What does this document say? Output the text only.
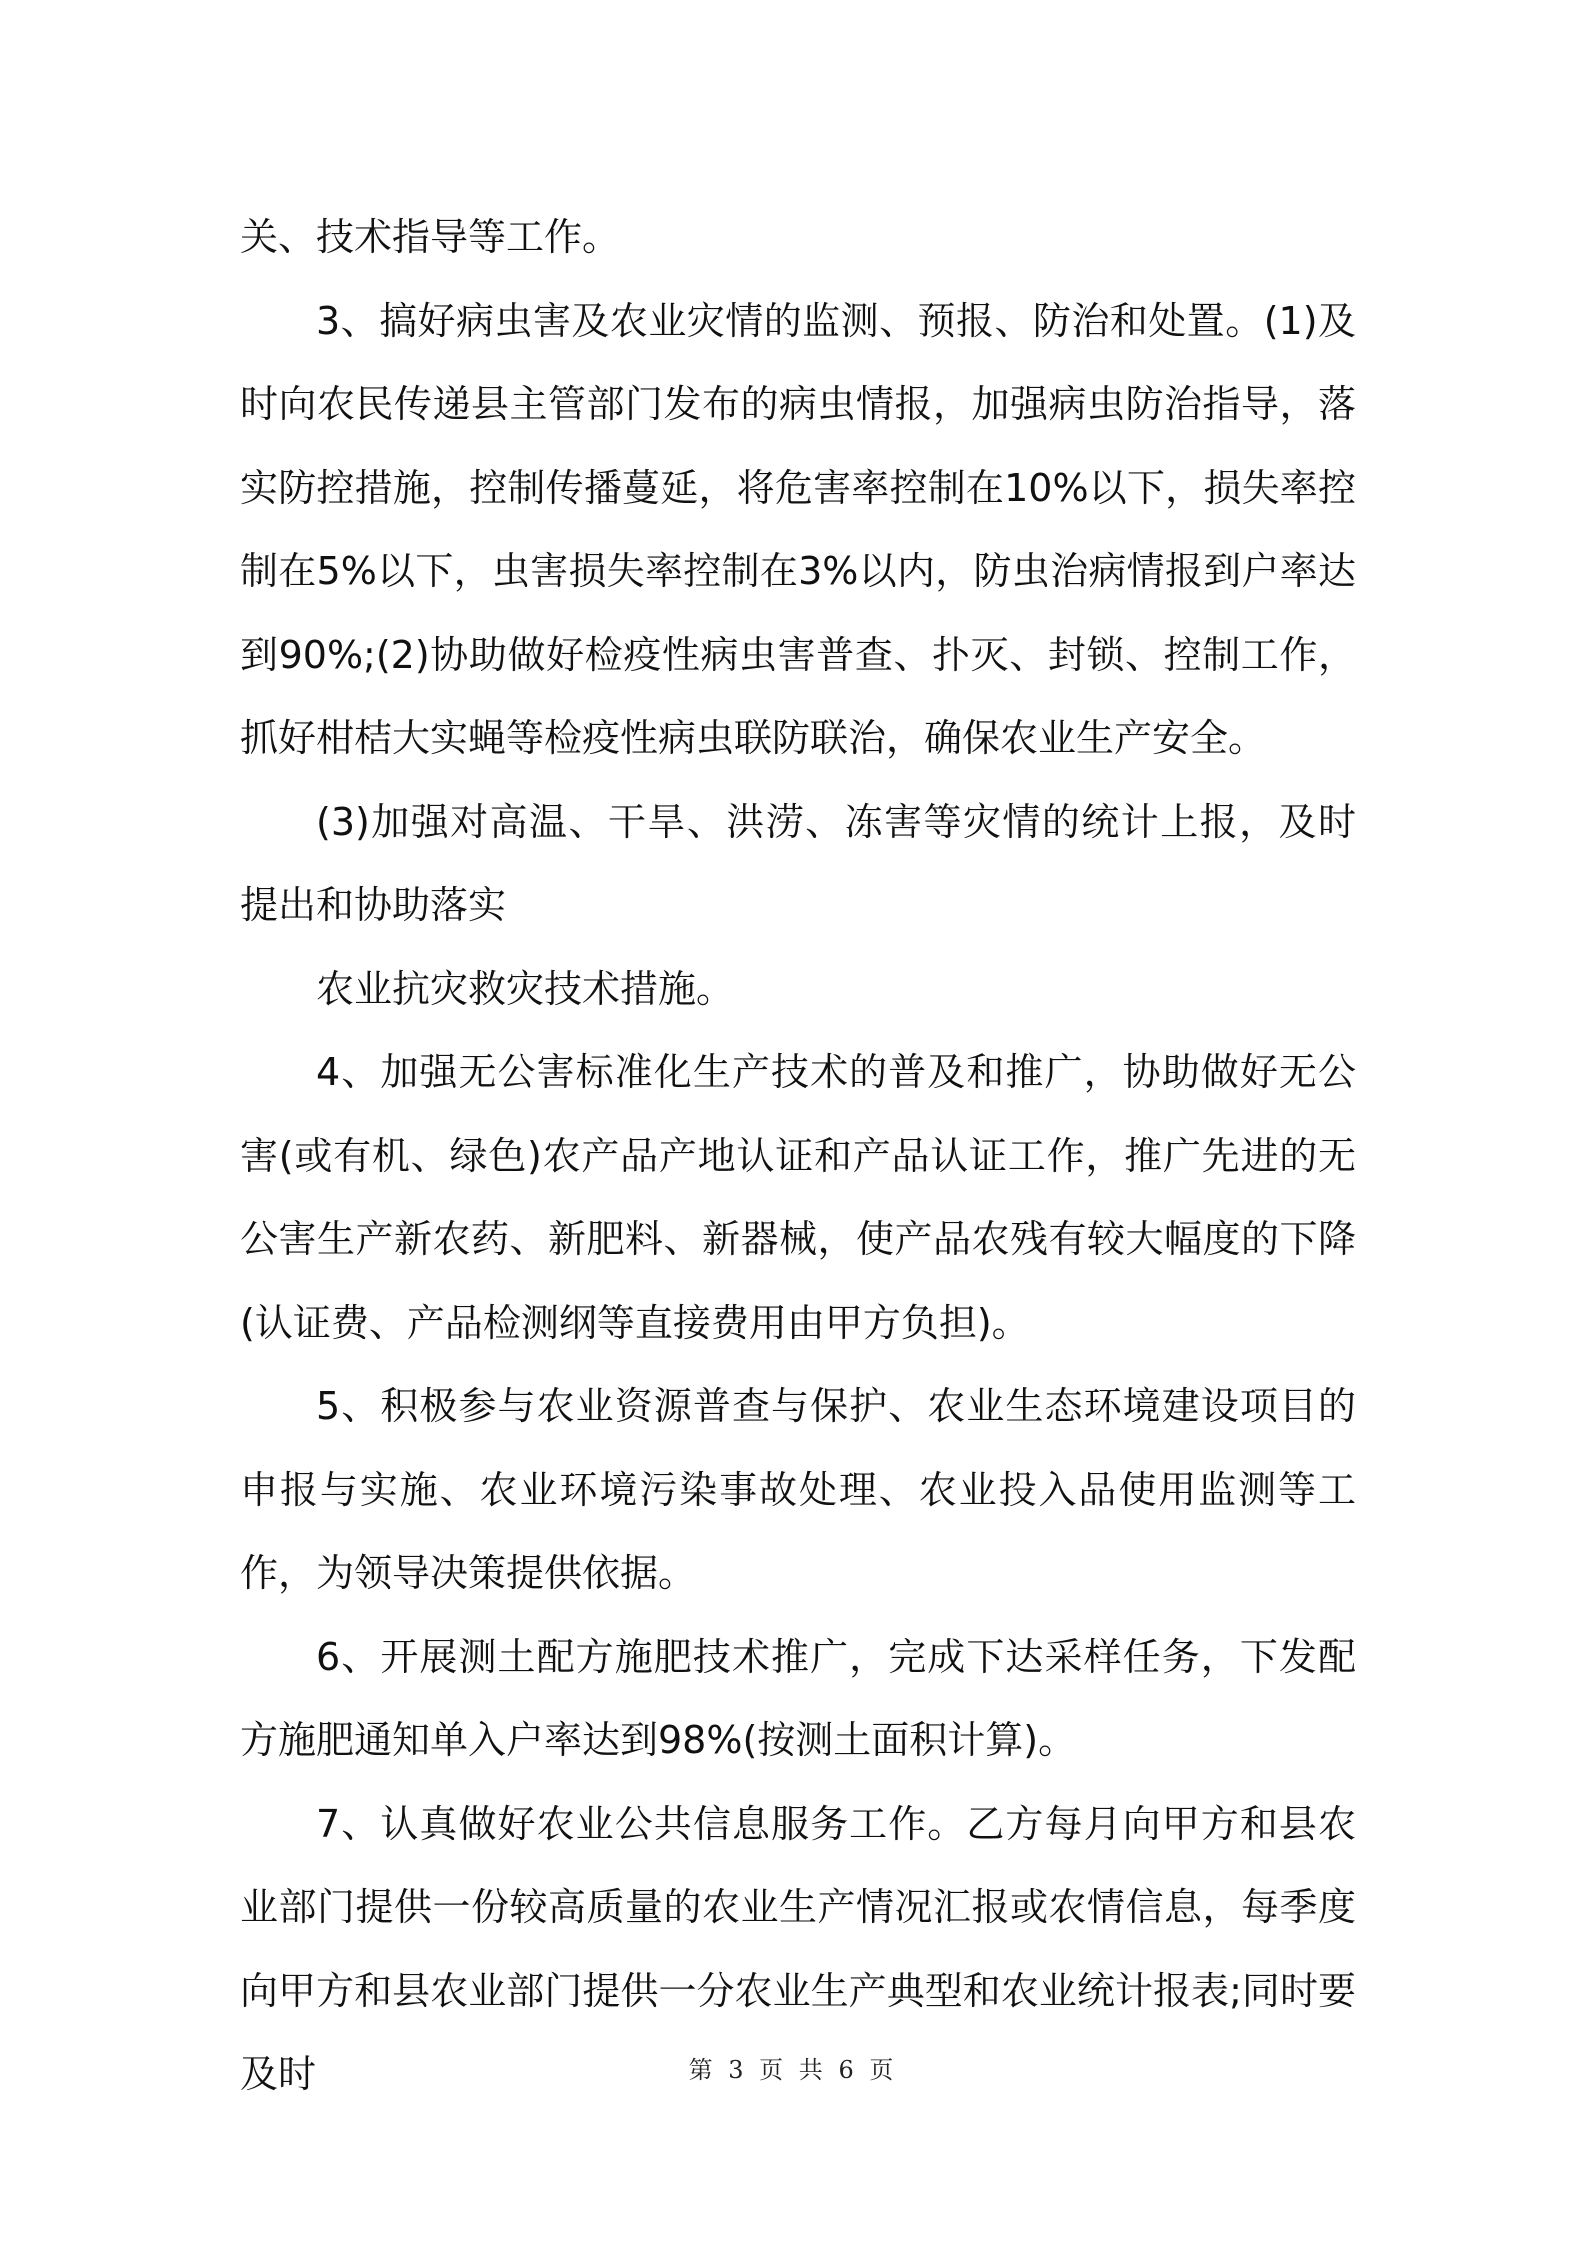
关、技术指导等工作。

3、搞好病虫害及农业灾情的监测、预报、防治和处置。(1)及时向农民传递县主管部门发布的病虫情报，加强病虫防治指导，落实防控措施，控制传播蔓延，将危害率控制在10%以下，损失率控制在5%以下，虫害损失率控制在3%以内，防虫治病情报到户率达到90%;(2)协助做好检疫性病虫害普查、扑灭、封锁、控制工作，抓好柑桔大实蝇等检疫性病虫联防联治，确保农业生产安全。

(3)加强对高温、干旱、洪涝、冻害等灾情的统计上报，及时提出和协助落实

农业抗灾救灾技术措施。

4、加强无公害标准化生产技术的普及和推广，协助做好无公害(或有机、绿色)农产品产地认证和产品认证工作，推广先进的无公害生产新农药、新肥料、新器械，使产品农残有较大幅度的下降(认证费、产品检测纲等直接费用由甲方负担)。

5、积极参与农业资源普查与保护、农业生态环境建设项目的申报与实施、农业环境污染事故处理、农业投入品使用监测等工作，为领导决策提供依据。

6、开展测土配方施肥技术推广，完成下达采样任务，下发配方施肥通知单入户率达到98%(按测土面积计算)。

7、认真做好农业公共信息服务工作。乙方每月向甲方和县农业部门提供一份较高质量的农业生产情况汇报或农情信息，每季度向甲方和县农业部门提供一分农业生产典型和农业统计报表;同时要及时	第 3 页 共 6 页
